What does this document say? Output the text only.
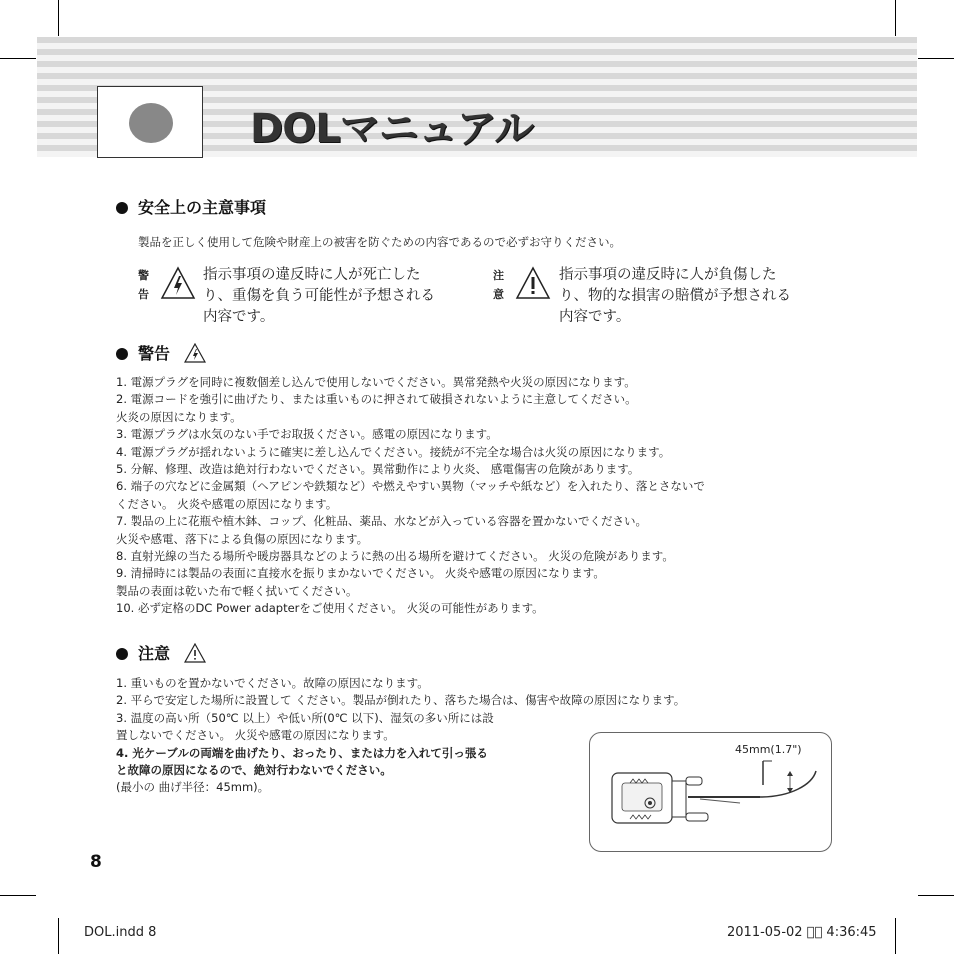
DOLマニュアル
安全上の主意事項
製品を正しく使用して危険や財産上の被害を防ぐための内容であるので必ずお守りください。
警
告
指示事項の違反時に人が死亡した
り、重傷を負う可能性が予想される
内容です。
注
意
指示事項の違反時に人が負傷した
り、物的な損害の賠償が予想される
内容です。
警告
1. 電源プラグを同時に複数個差し込んで使用しないでください。異常発熱や火災の原因になります。
2. 電源コードを強引に曲げたり、または重いものに押されて破損されないように主意してください。
火炎の原因になります。
3. 電源プラグは水気のない手でお取扱ください。感電の原因になります。
4. 電源プラグが揺れないように確実に差し込んでください。接続が不完全な場合は火災の原因になります。
5. 分解、修理、改造は絶対行わないでください。異常動作により火炎、 感電傷害の危険があります。
6. 端子の穴などに金属類（ヘアピンや鉄類など）や燃えやすい異物（マッチや紙など）を入れたり、落とさないで
ください。 火炎や感電の原因になります。
7. 製品の上に花瓶や植木鉢、コップ、化粧品、薬品、水などが入っている容器を置かないでください。
火災や感電、落下による負傷の原因になります。
8. 直射光線の当たる場所や暖房器具などのように熱の出る場所を避けてください。 火災の危険があります。
9. 清掃時には製品の表面に直接水を振りまかないでください。 火炎や感電の原因になります。
製品の表面は乾いた布で軽く拭いてください。
10. 必ず定格のDC Power adapterをご使用ください。 火災の可能性があります。
注意
1. 重いものを置かないでください。故障の原因になります。
2. 平らで安定した場所に設置して ください。製品が倒れたり、落ちた場合は、傷害や故障の原因になります。
3. 温度の高い所（50℃ 以上）や低い所(0℃ 以下)、湿気の多い所には設
置しないでください。 火災や感電の原因になります。
4. 光ケーブルの両端を曲げたり、おったり、または力を入れて引っ張る
と故障の原因になるので、絶対行わないでください。
(最小の 曲げ半径：45mm)。
45mm(1.7")
8
DOL.indd 8	2011-05-02 ￿￿ 4:36:45
